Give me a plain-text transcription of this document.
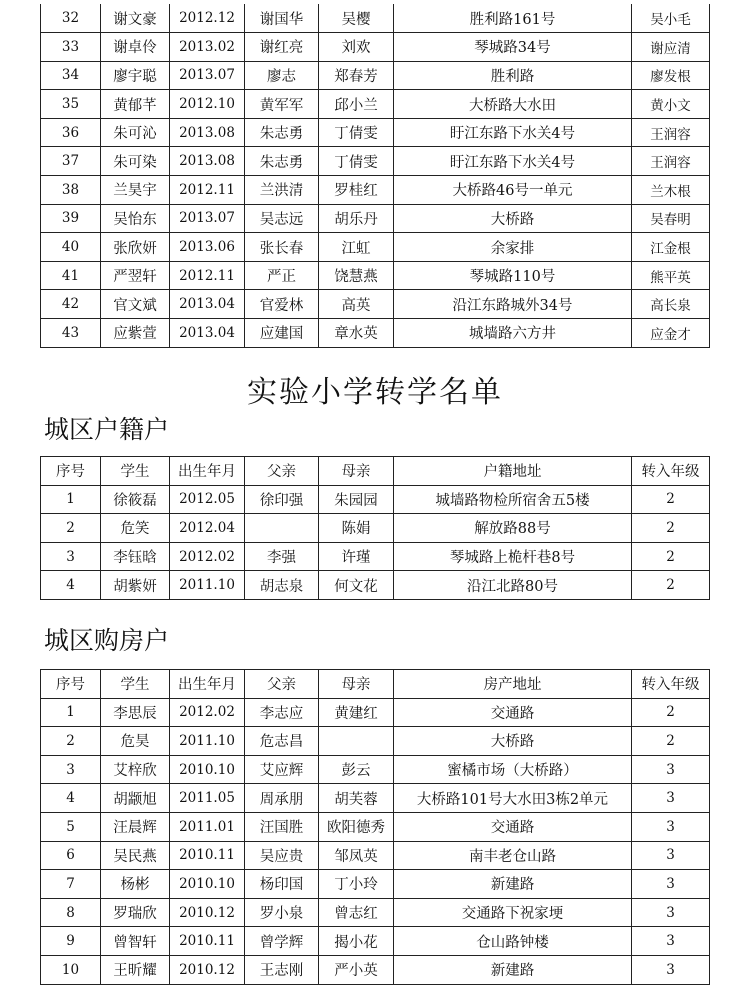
32	谢文豪	2012.12	谢国华	吴樱	胜利路161号	吴小毛
33	谢卓伶	2013.02	谢红亮	刘欢	琴城路34号	谢应清
34	廖宇聪	2013.07	廖志	郑春芳	胜利路	廖发根
35	黄郁芊	2012.10	黄军军	邱小兰	大桥路大水田	黄小文
36	朱可沁	2013.08	朱志勇	丁倩雯	盱江东路下水关4号	王润容
37	朱可染	2013.08	朱志勇	丁倩雯	盱江东路下水关4号	王润容
38	兰昊宇	2012.11	兰洪清	罗桂红	大桥路46号一单元	兰木根
39	吴怡东	2013.07	吴志远	胡乐丹	大桥路	吴春明
40	张欣妍	2013.06	张长春	江虹	余家排	江金根
41	严翌轩	2012.11	严正	饶慧燕	琴城路110号	熊平英
42	官文斌	2013.04	官爱林	高英	沿江东路城外34号	高长泉
43	应紫萱	2013.04	应建国	章水英	城墙路六方井	应金才
实验小学转学名单
城区户籍户
序号	学生	出生年月	父亲	母亲	户籍地址	转入年级
1	徐筱磊	2012.05	徐印强	朱园园	城墙路物检所宿舍五5楼	2
2	危笑	2012.04		陈娟	解放路88号	2
3	李钰晗	2012.02	李强	许瑾	琴城路上桅杆巷8号	2
4	胡紫妍	2011.10	胡志泉	何文花	沿江北路80号	2
城区购房户
序号	学生	出生年月	父亲	母亲	房产地址	转入年级
1	李思辰	2012.02	李志应	黄建红	交通路	2
2	危昊	2011.10	危志昌		大桥路	2
3	艾梓欣	2010.10	艾应辉	彭云	蜜橘市场（大桥路）	3
4	胡颛旭	2011.05	周承朋	胡芙蓉	大桥路101号大水田3栋2单元	3
5	汪晨辉	2011.01	汪国胜	欧阳德秀	交通路	3
6	吴民燕	2010.11	吴应贵	邹凤英	南丰老仓山路	3
7	杨彬	2010.10	杨印国	丁小玲	新建路	3
8	罗瑞欣	2010.12	罗小泉	曾志红	交通路下祝家埂	3
9	曾智轩	2010.11	曾学辉	揭小花	仓山路钟楼	3
10	王昕耀	2010.12	王志刚	严小英	新建路	3
